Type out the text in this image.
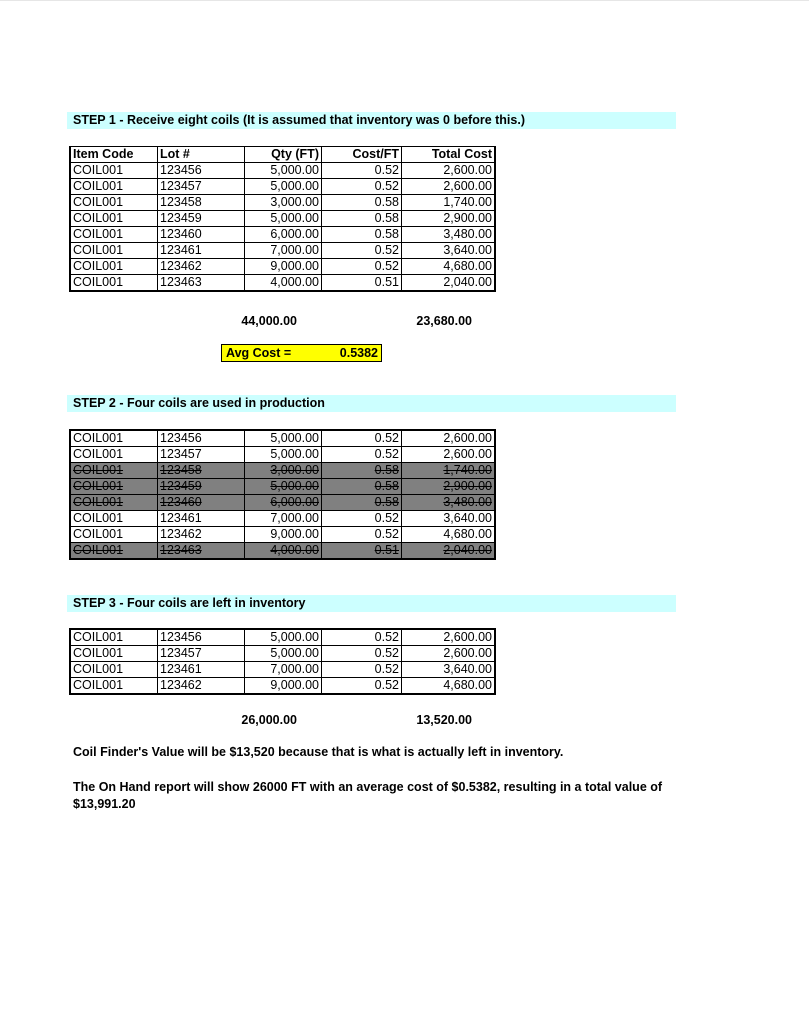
STEP 1 - Receive eight coils (It is assumed that inventory was 0 before this.)
Item Code	Lot #	Qty (FT)	Cost/FT	Total Cost
COIL001	123456	5,000.00	0.52	2,600.00
COIL001	123457	5,000.00	0.52	2,600.00
COIL001	123458	3,000.00	0.58	1,740.00
COIL001	123459	5,000.00	0.58	2,900.00
COIL001	123460	6,000.00	0.58	3,480.00
COIL001	123461	7,000.00	0.52	3,640.00
COIL001	123462	9,000.00	0.52	4,680.00
COIL001	123463	4,000.00	0.51	2,040.00
44,000.00	23,680.00
Avg Cost =	0.5382
STEP 2 - Four coils are used in production
COIL001	123456	5,000.00	0.52	2,600.00
COIL001	123457	5,000.00	0.52	2,600.00
COIL001	123458	3,000.00	0.58	1,740.00
COIL001	123459	5,000.00	0.58	2,900.00
COIL001	123460	6,000.00	0.58	3,480.00
COIL001	123461	7,000.00	0.52	3,640.00
COIL001	123462	9,000.00	0.52	4,680.00
COIL001	123463	4,000.00	0.51	2,040.00
STEP 3 - Four coils are left in inventory
COIL001	123456	5,000.00	0.52	2,600.00
COIL001	123457	5,000.00	0.52	2,600.00
COIL001	123461	7,000.00	0.52	3,640.00
COIL001	123462	9,000.00	0.52	4,680.00
26,000.00	13,520.00
Coil Finder's Value will be $13,520 because that is what is actually left in inventory.
The On Hand report will show 26000 FT with an average cost of $0.5382, resulting in a total value of $13,991.20
